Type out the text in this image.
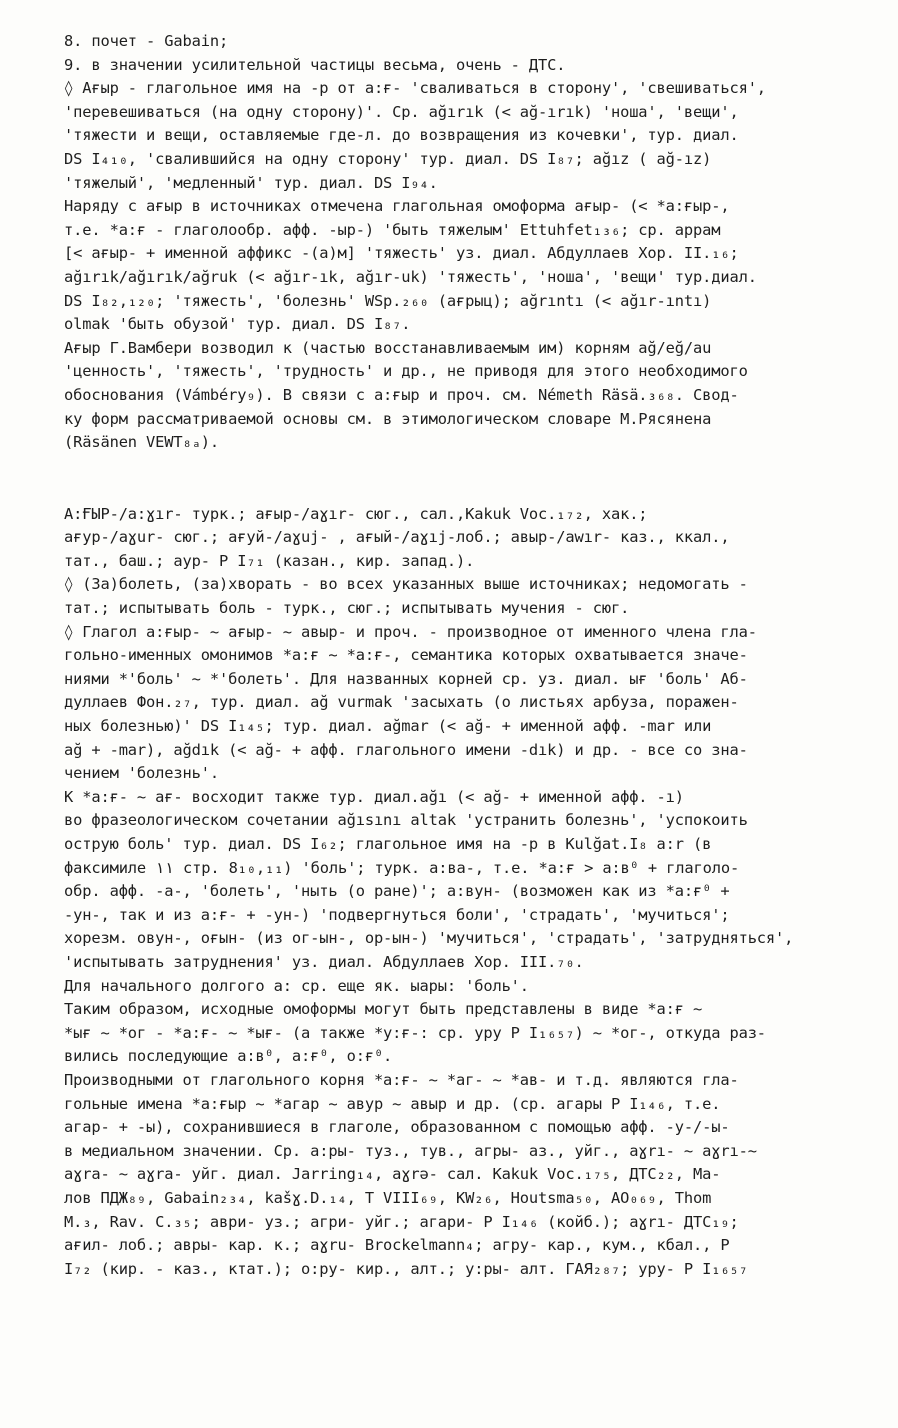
8. почет - Gabain;
9. в значении усилительной частицы весьма, очень - ДТС.
◊ Aғыр - глагольное имя на -р от a:ғ- 'сваливаться в сторону', 'свешиваться',
'перевешиваться (на одну сторону)'. Ср. ağırık (< ağ-ırık) 'ноша', 'вещи',
'тяжести и вещи, оставляемые где-л. до возвращения из кочевки', тур. диал.
DS I₄₁₀, 'свалившийся на одну сторону' тур. диал. DS I₈₇; ağız ( ağ-ız)
'тяжелый', 'медленный' тур. диал. DS I₉₄.
Наряду с ағыр в источниках отмечена глагольная омоформа ағыр- (< *a:ғыр-,
т.е. *a:ғ - глаголообр. афф. -ыр-) 'быть тяжелым' Ettuhfet₁₃₆; ср. аррам
[< ағыр- + именной аффикс -(а)м] 'тяжесть' уз. диал. Абдуллаев Хор. II.₁₆;
ağırık/ağırık/ağruk (< ağır-ık, ağır-uk) 'тяжесть', 'ноша', 'вещи' тур.диал.
DS I₈₂,₁₂₀; 'тяжесть', 'болезнь' WSp.₂₆₀ (ағрыц); ağrıntı (< ağır-ıntı)
olmak 'быть обузой' тур. диал. DS I₈₇.
Aғыр Г.Вамбери возводил к (частью восстанавливаемым им) корням ağ/eğ/au
'ценность', 'тяжесть', 'трудность' и др., не приводя для этого необходимого
обоснования (Vámbéry₉). В связи с a:ғыр и проч. см. Németh Räsä.₃₆₈. Свод-
ку форм рассматриваемой основы см. в этимологическом словаре М.Рясянена
(Räsänen VEWT₈ₐ).
A:ҒЫР-/a:ɣır- турк.; ағыр-/aɣır- сюг., сал.,Kakuk Voc.₁₇₂, хак.;
ағур-/aɣur- сюг.; ағуй-/aɣuj- , ағый-/aɣıj-лоб.; авыр-/awır- каз., ккал.,
тат., баш.; аур- Р I₇₁ (казан., кир. запад.).
◊ (За)болеть, (за)хворать - во всех указанных выше источниках; недомогать -
тат.; испытывать боль - турк., сюг.; испытывать мучения - сюг.
◊ Глагол a:ғыр- ~ ағыр- ~ авыр- и проч. - производное от именного члена гла-
гольно-именных омонимов *а:ғ ~ *а:ғ-, семантика которых охватывается значе-
ниями *'боль' ~ *'болеть'. Для названных корней ср. уз. диал. ығ 'боль' Аб-
дуллаев Фон.₂₇, тур. диал. ağ vurmak 'засыхать (о листьях арбуза, поражен-
ных болезнью)' DS I₁₄₅; тур. диал. ağmar (< ağ- + именной афф. -mar или
ağ + -mar), ağdık (< ağ- + афф. глагольного имени -dık) и др. - все со зна-
чением 'болезнь'.
К *а:ғ- ~ ағ- восходит также тур. диал.ağı (< ağ- + именной афф. -ı)
во фразеологическом сочетании ağısını altak 'устранить болезнь', 'успокоить
острую боль' тур. диал. DS I₆₂; глагольное имя на -р в Kulğat.I₈ a:r (в
факсимиле ١١ стр. 8₁₀,₁₁) 'боль'; турк. a:ва-, т.е. *а:ғ > a:в⁰ + глаголо-
обр. афф. -а-, 'болеть', 'ныть (о ране)'; a:вун- (возможен как из *а:ғ⁰ +
-ун-, так и из а:ғ- + -ун-) 'подвергнуться боли', 'страдать', 'мучиться';
хорезм. овун-, оғын- (из ог-ын-, ор-ын-) 'мучиться', 'страдать', 'затрудняться',
'испытывать затруднения' уз. диал. Абдуллаев Хор. III.₇₀.
Для начального долгого а: ср. еще як. ыары: 'боль'.
Таким образом, исходные омоформы могут быть представлены в виде *а:ғ ~
*ығ ~ *ог - *а:ғ- ~ *ығ- (а также *у:ғ-: ср. уру Р I₁₆₅₇) ~ *ог-, откуда раз-
вились последующие а:в⁰, а:ғ⁰, о:ғ⁰.
Производными от глагольного корня *а:ғ- ~ *аг- ~ *ав- и т.д. являются гла-
гольные имена *а:ғыр ~ *агар ~ авур ~ авыр и др. (ср. агары Р I₁₄₆, т.е.
агар- + -ы), сохранившиеся в глаголе, образованном с помощью афф. -у-/-ы-
в медиальном значении. Ср. а:ры- туз., тув., агры- аз., уйг., aɣrı- ~ aɣrı-~
aɣra- ~ aɣra- уйг. диал. Jarring₁₄, aɣrə- сал. Kakuk Voc.₁₇₅, ДТС₂₂, Ма-
лов ПДЖ₈₉, Gabain₂₃₄, kašɣ.D.₁₄, T VIII₆₉, KW₂₆, Houtsma₅₀, AO₀₆₉, Thom
M.₃, Rav. C.₃₅; аври- уз.; агри- уйг.; агари- Р I₁₄₆ (койб.); aɣrı- ДТС₁₉;
ағил- лоб.; авры- кар. к.; aɣru- Brockelmann₄; агру- кар., кум., кбал., Р
I₇₂ (кир. - каз., ктат.); o:ру- кир., алт.; у:ры- алт. ГАЯ₂₈₇; уру- Р I₁₆₅₇
